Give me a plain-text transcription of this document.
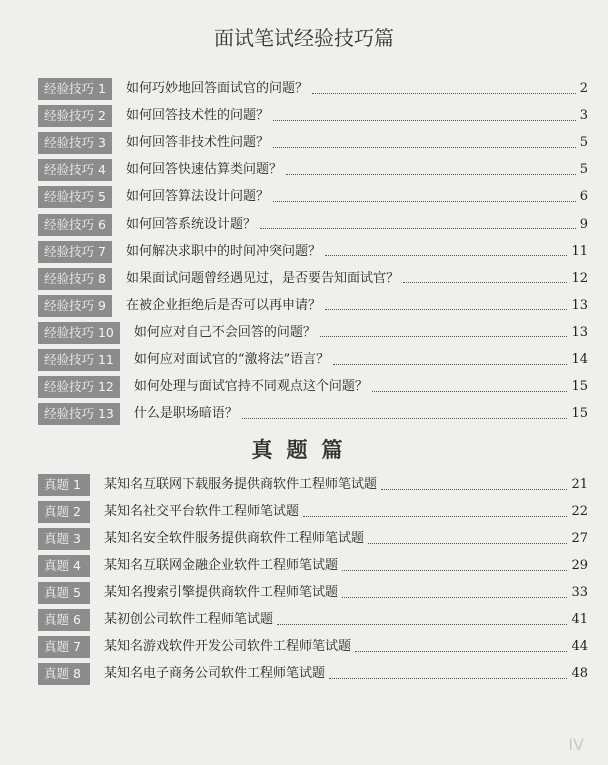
面试笔试经验技巧篇
经验技巧 1	如何巧妙地回答面试官的问题？	2
经验技巧 2	如何回答技术性的问题？	3
经验技巧 3	如何回答非技术性问题？	5
经验技巧 4	如何回答快速估算类问题？	5
经验技巧 5	如何回答算法设计问题？	6
经验技巧 6	如何回答系统设计题？	9
经验技巧 7	如何解决求职中的时间冲突问题？	11
经验技巧 8	如果面试问题曾经遇见过，是否要告知面试官？	12
经验技巧 9	在被企业拒绝后是否可以再申请？	13
经验技巧 10	如何应对自己不会回答的问题？	13
经验技巧 11	如何应对面试官的“激将法”语言？	14
经验技巧 12	如何处理与面试官持不同观点这个问题？	15
经验技巧 13	什么是职场暗语？	15
真题篇
真题 1	某知名互联网下载服务提供商软件工程师笔试题	21
真题 2	某知名社交平台软件工程师笔试题	22
真题 3	某知名安全软件服务提供商软件工程师笔试题	27
真题 4	某知名互联网金融企业软件工程师笔试题	29
真题 5	某知名搜索引擎提供商软件工程师笔试题	33
真题 6	某初创公司软件工程师笔试题	41
真题 7	某知名游戏软件开发公司软件工程师笔试题	44
真题 8	某知名电子商务公司软件工程师笔试题	48
IV
